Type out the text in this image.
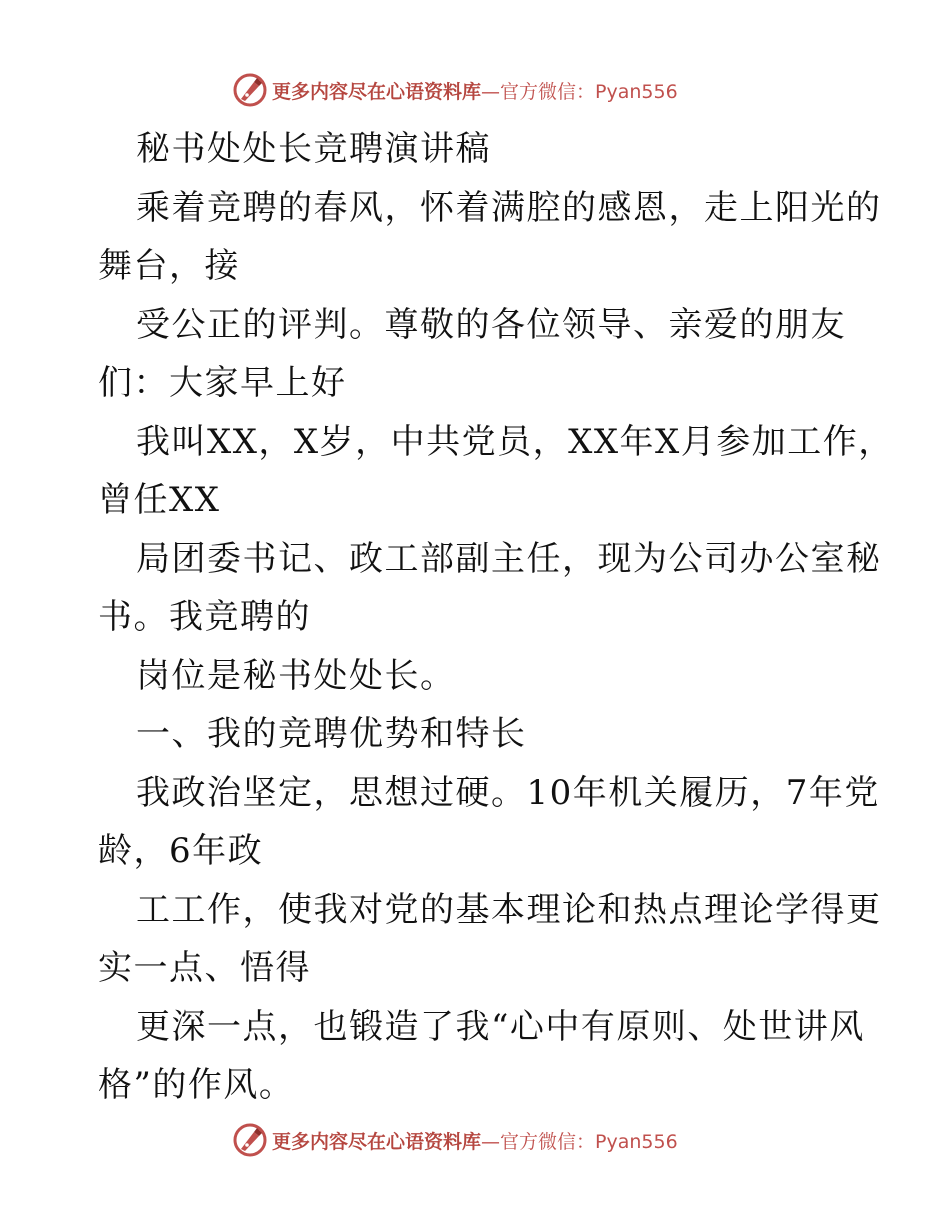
更多内容尽在心语资料库—官方微信：Pyan556
秘书处处长竞聘演讲稿
乘着竞聘的春风，怀着满腔的感恩，走上阳光的
舞台，接
受公正的评判。尊敬的各位领导、亲爱的朋友
们：大家早上好
我叫XX，X岁，中共党员，XX年X月参加工作，
曾任XX
局团委书记、政工部副主任，现为公司办公室秘
书。我竞聘的
岗位是秘书处处长。
一、我的竞聘优势和特长
我政治坚定，思想过硬。10年机关履历，7年党
龄，6年政
工工作，使我对党的基本理论和热点理论学得更
实一点、悟得
更深一点，也锻造了我“心中有原则、处世讲风
格”的作风。
更多内容尽在心语资料库—官方微信：Pyan556
